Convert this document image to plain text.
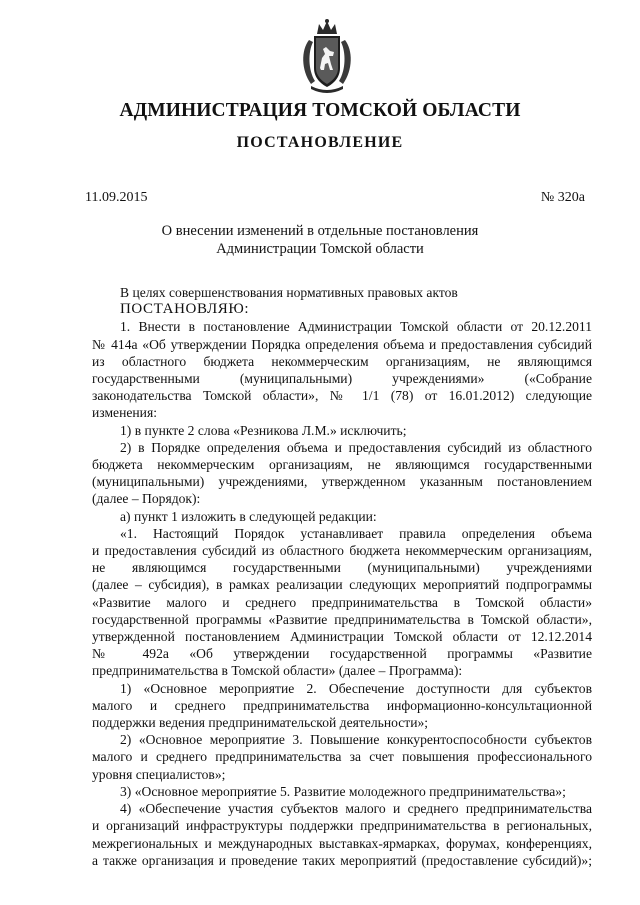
АДМИНИСТРАЦИЯ ТОМСКОЙ ОБЛАСТИ
ПОСТАНОВЛЕНИЕ
11.09.2015	№ 320а
О внесении изменений в отдельные постановления
Администрации Томской области
В целях совершенствования нормативных правовых актов
ПОСТАНОВЛЯЮ:
1. Внести в постановление Администрации Томской области от 20.12.2011
№ 414а «Об утверждении Порядка определения объема и предоставления субсидий
из областного бюджета некоммерческим организациям, не являющимся
государственными (муниципальными) учреждениями» («Собрание
законодательства Томской области», № 1/1 (78) от 16.01.2012) следующие
изменения:
1) в пункте 2 слова «Резникова Л.М.» исключить;
2) в Порядке определения объема и предоставления субсидий из областного
бюджета некоммерческим организациям, не являющимся государственными
(муниципальными) учреждениями, утвержденном указанным постановлением
(далее – Порядок):
а) пункт 1 изложить в следующей редакции:
«1. Настоящий Порядок устанавливает правила определения объема
и предоставления субсидий из областного бюджета некоммерческим организациям,
не являющимся государственными (муниципальными) учреждениями
(далее – субсидия), в рамках реализации следующих мероприятий подпрограммы
«Развитие малого и среднего предпринимательства в Томской области»
государственной программы «Развитие предпринимательства в Томской области»,
утвержденной постановлением Администрации Томской области от 12.12.2014
№ 492а «Об утверждении государственной программы «Развитие
предпринимательства в Томской области» (далее – Программа):
1) «Основное мероприятие 2. Обеспечение доступности для субъектов
малого и среднего предпринимательства информационно-консультационной
поддержки ведения предпринимательской деятельности»;
2) «Основное мероприятие 3. Повышение конкурентоспособности субъектов
малого и среднего предпринимательства за счет повышения профессионального
уровня специалистов»;
3) «Основное мероприятие 5. Развитие молодежного предпринимательства»;
4) «Обеспечение участия субъектов малого и среднего предпринимательства
и организаций инфраструктуры поддержки предпринимательства в региональных,
межрегиональных и международных выставках-ярмарках, форумах, конференциях,
а также организация и проведение таких мероприятий (предоставление субсидий)»;
